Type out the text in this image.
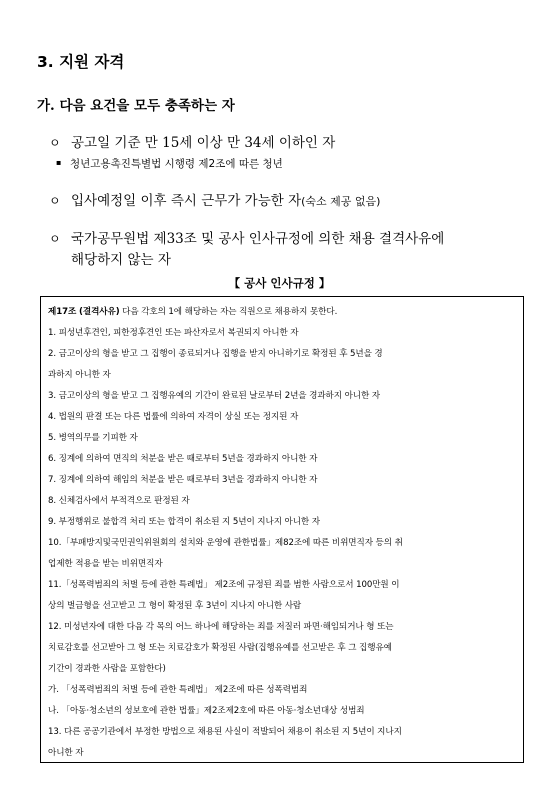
3. 지원 자격
가. 다음 요건을 모두 충족하는 자
ㅇ 공고일 기준 만 15세 이상 만 34세 이하인 자
▪ 청년고용촉진특별법 시행령 제2조에 따른 청년
ㅇ 입사예정일 이후 즉시 근무가 가능한 자(숙소 제공 없음)
ㅇ 국가공무원법 제33조 및 공사 인사규정에 의한 채용 결격사유에
해당하지 않는 자
【 공사 인사규정 】
제17조 (결격사유) 다음 각호의 1에 해당하는 자는 직원으로 채용하지 못한다.
1. 피성년후견인, 피한정후견인 또는 파산자로서 복권되지 아니한 자
2. 금고이상의 형을 받고 그 집행이 종료되거나 집행을 받지 아니하기로 확정된 후 5년을 경
과하지 아니한 자
3. 금고이상의 형을 받고 그 집행유예의 기간이 완료된 날로부터 2년을 경과하지 아니한 자
4. 법원의 판결 또는 다른 법률에 의하여 자격이 상실 또는 정지된 자
5. 병역의무를 기피한 자
6. 징계에 의하여 면직의 처분을 받은 때로부터 5년을 경과하지 아니한 자
7. 징계에 의하여 해임의 처분을 받은 때로부터 3년을 경과하지 아니한 자
8. 신체검사에서 부적격으로 판정된 자
9. 부정행위로 불합격 처리 또는 합격이 취소된 지 5년이 지나지 아니한 자
10.「부패방지및국민권익위원회의 설치와 운영에 관한법률」제82조에 따른 비위면직자 등의 취
업제한 적용을 받는 비위면직자
11.「성폭력범죄의 처벌 등에 관한 특례법」 제2조에 규정된 죄를 범한 사람으로서 100만원 이
상의 벌금형을 선고받고 그 형이 확정된 후 3년이 지나지 아니한 사람
12. 미성년자에 대한 다음 각 목의 어느 하나에 해당하는 죄를 저질러 파면·해임되거나 형 또는
치료감호를 선고받아 그 형 또는 치료감호가 확정된 사람(집행유예를 선고받은 후 그 집행유예
기간이 경과한 사람을 포함한다)
가. 「성폭력범죄의 처벌 등에 관한 특례법」 제2조에 따른 성폭력범죄
나. 「아동·청소년의 성보호에 관한 법률」제2조제2호에 따른 아동·청소년대상 성범죄
13. 다른 공공기관에서 부정한 방법으로 채용된 사실이 적발되어 채용이 취소된 지 5년이 지나지
아니한 자
